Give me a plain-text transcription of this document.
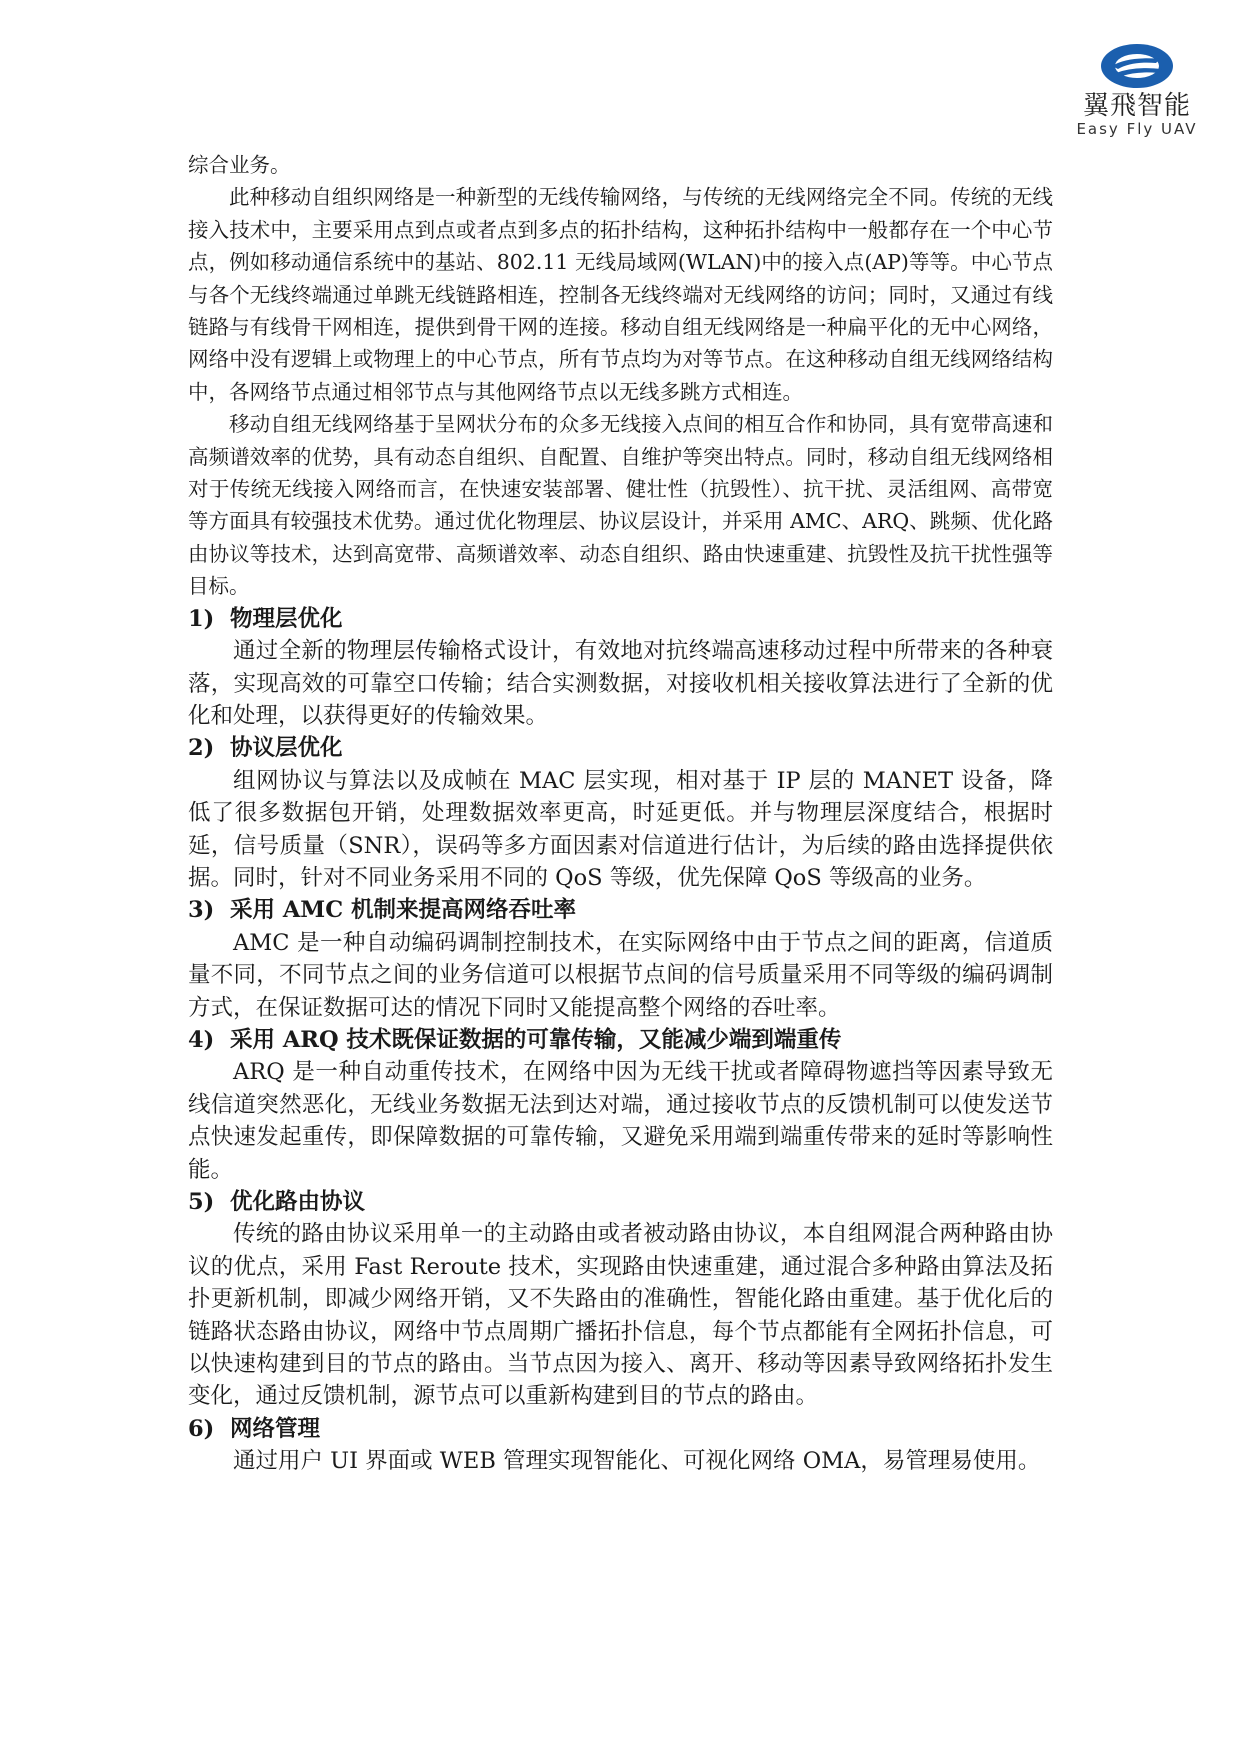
翼飛智能
Easy Fly UAV

综合业务。

此种移动自组织网络是一种新型的无线传输网络，与传统的无线网络完全不同。传统的无线接入技术中，主要采用点到点或者点到多点的拓扑结构，这种拓扑结构中一般都存在一个中心节点，例如移动通信系统中的基站、802.11 无线局域网(WLAN)中的接入点(AP)等等。中心节点与各个无线终端通过单跳无线链路相连，控制各无线终端对无线网络的访问；同时，又通过有线链路与有线骨干网相连，提供到骨干网的连接。移动自组无线网络是一种扁平化的无中心网络，网络中没有逻辑上或物理上的中心节点，所有节点均为对等节点。在这种移动自组无线网络结构中，各网络节点通过相邻节点与其他网络节点以无线多跳方式相连。

移动自组无线网络基于呈网状分布的众多无线接入点间的相互合作和协同，具有宽带高速和高频谱效率的优势，具有动态自组织、自配置、自维护等突出特点。同时，移动自组无线网络相对于传统无线接入网络而言，在快速安装部署、健壮性（抗毁性）、抗干扰、灵活组网、高带宽等方面具有较强技术优势。通过优化物理层、协议层设计，并采用 AMC、ARQ、跳频、优化路由协议等技术，达到高宽带、高频谱效率、动态自组织、路由快速重建、抗毁性及抗干扰性强等目标。

1) 物理层优化

通过全新的物理层传输格式设计，有效地对抗终端高速移动过程中所带来的各种衰落，实现高效的可靠空口传输；结合实测数据，对接收机相关接收算法进行了全新的优化和处理，以获得更好的传输效果。

2) 协议层优化

组网协议与算法以及成帧在 MAC 层实现，相对基于 IP 层的 MANET 设备，降低了很多数据包开销，处理数据效率更高，时延更低。并与物理层深度结合，根据时延，信号质量（SNR），误码等多方面因素对信道进行估计，为后续的路由选择提供依据。同时，针对不同业务采用不同的 QoS 等级，优先保障 QoS 等级高的业务。

3) 采用 AMC 机制来提高网络吞吐率

AMC 是一种自动编码调制控制技术，在实际网络中由于节点之间的距离，信道质量不同，不同节点之间的业务信道可以根据节点间的信号质量采用不同等级的编码调制方式，在保证数据可达的情况下同时又能提高整个网络的吞吐率。

4) 采用 ARQ 技术既保证数据的可靠传输，又能减少端到端重传

ARQ 是一种自动重传技术，在网络中因为无线干扰或者障碍物遮挡等因素导致无线信道突然恶化，无线业务数据无法到达对端，通过接收节点的反馈机制可以使发送节点快速发起重传，即保障数据的可靠传输，又避免采用端到端重传带来的延时等影响性能。

5) 优化路由协议

传统的路由协议采用单一的主动路由或者被动路由协议，本自组网混合两种路由协议的优点，采用 Fast Reroute 技术，实现路由快速重建，通过混合多种路由算法及拓扑更新机制，即减少网络开销，又不失路由的准确性，智能化路由重建。基于优化后的链路状态路由协议，网络中节点周期广播拓扑信息，每个节点都能有全网拓扑信息，可以快速构建到目的节点的路由。当节点因为接入、离开、移动等因素导致网络拓扑发生变化，通过反馈机制，源节点可以重新构建到目的节点的路由。

6) 网络管理

通过用户 UI 界面或 WEB 管理实现智能化、可视化网络 OMA，易管理易使用。
